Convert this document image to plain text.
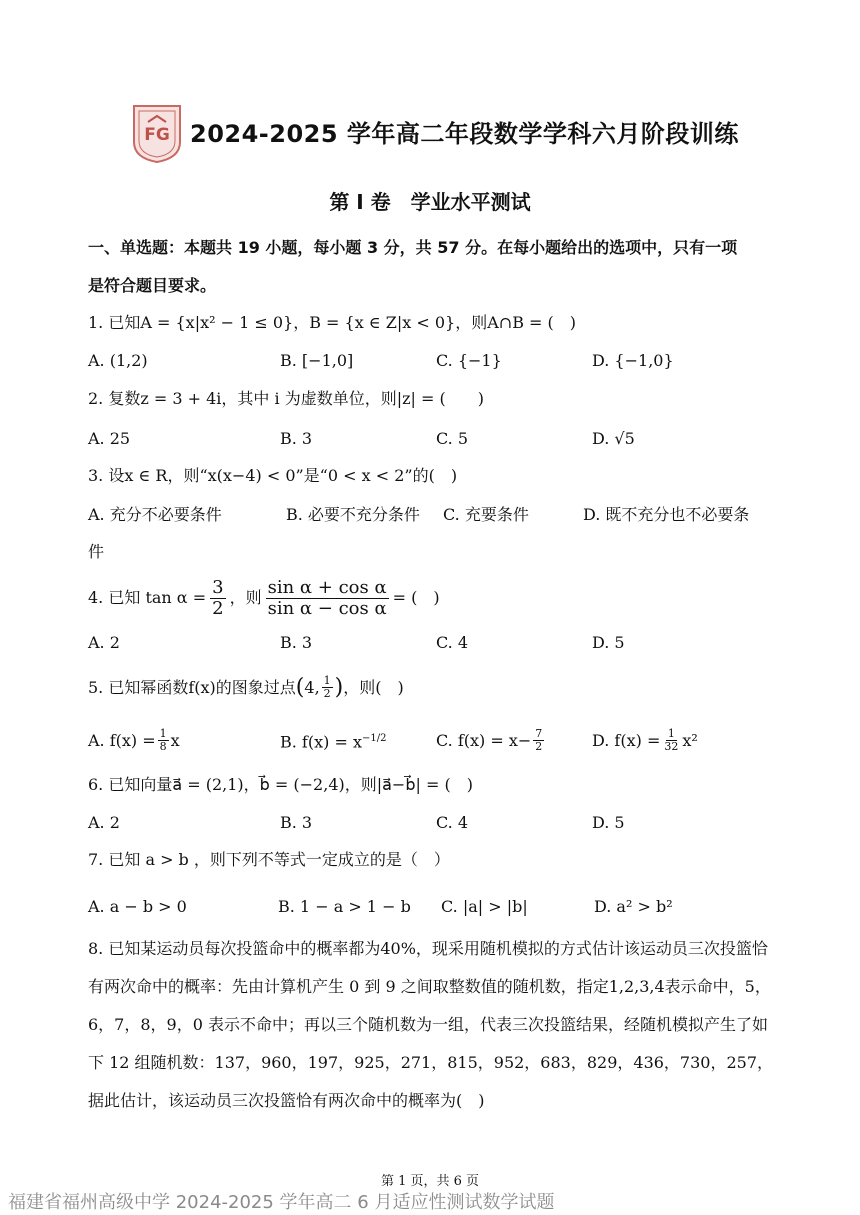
FG 2024-2025 学年高二年段数学学科六月阶段训练
第 Ⅰ 卷　学业水平测试
一、单选题：本题共 19 小题，每小题 3 分，共 57 分。在每小题给出的选项中，只有一项
是符合题目要求。
1. 已知A = {x|x² − 1 ≤ 0}，B = {x ∈ Z|x < 0}，则A∩B = (　)
A. (1,2)	B. [−1,0]	C. {−1}	D. {−1,0}
2. 复数z = 3 + 4i，其中 i 为虚数单位，则|z| = (　　)
A. 25	B. 3	C. 5	D. √5
3. 设x ∈ R，则“x(x−4) < 0”是“0 < x < 2”的(　)
A. 充分不必要条件	B. 必要不充分条件 C. 充要条件	D. 既不充分也不必要条
件
4. 已知 $\tan \alpha = \frac{3}{2}$ ，则 $\frac{\text{sin α + cos α}}{\text{sin α − cos α}}$ = (　)
A. 2	B. 3	C. 4	D. 5
5. 已知幂函数f(x)的图象过点 ( 4 , $\frac{1}{2}$ ) ，则(　)
A. $f(x) = \frac{1}{8}$ x	B. $f(x) = x^{-1/2}$	C. $f(x) = x- \frac{7}{2}$	D. $f(x) = \frac{1}{32} x^2$
6. 已知向量a⃗ = (2,1)，b⃗ = (−2,4)，则|a⃗−b⃗| = (　)
A. 2	B. 3	C. 4	D. 5
7. 已知 a > b ，则下列不等式一定成立的是（　）
A. a − b > 0	B. 1 − a > 1 − b C. |a| > |b|	D. a² > b²
8. 已知某运动员每次投篮命中的概率都为40%，现采用随机模拟的方式估计该运动员三次投篮恰有两次命中的概率：先由计算机产生 0 到 9 之间取整数值的随机数，指定1,2,3,4表示命中，5，6，7，8，9，0 表示不命中；再以三个随机数为一组，代表三次投篮结果，经随机模拟产生了如下 12 组随机数：137，960，197，925，271，815，952，683，829，436，730，257，据此估计，该运动员三次投篮恰有两次命中的概率为(　)
第 1 页，共 6 页
福建省福州高级中学 2024-2025 学年高二 6 月适应性测试数学试题
